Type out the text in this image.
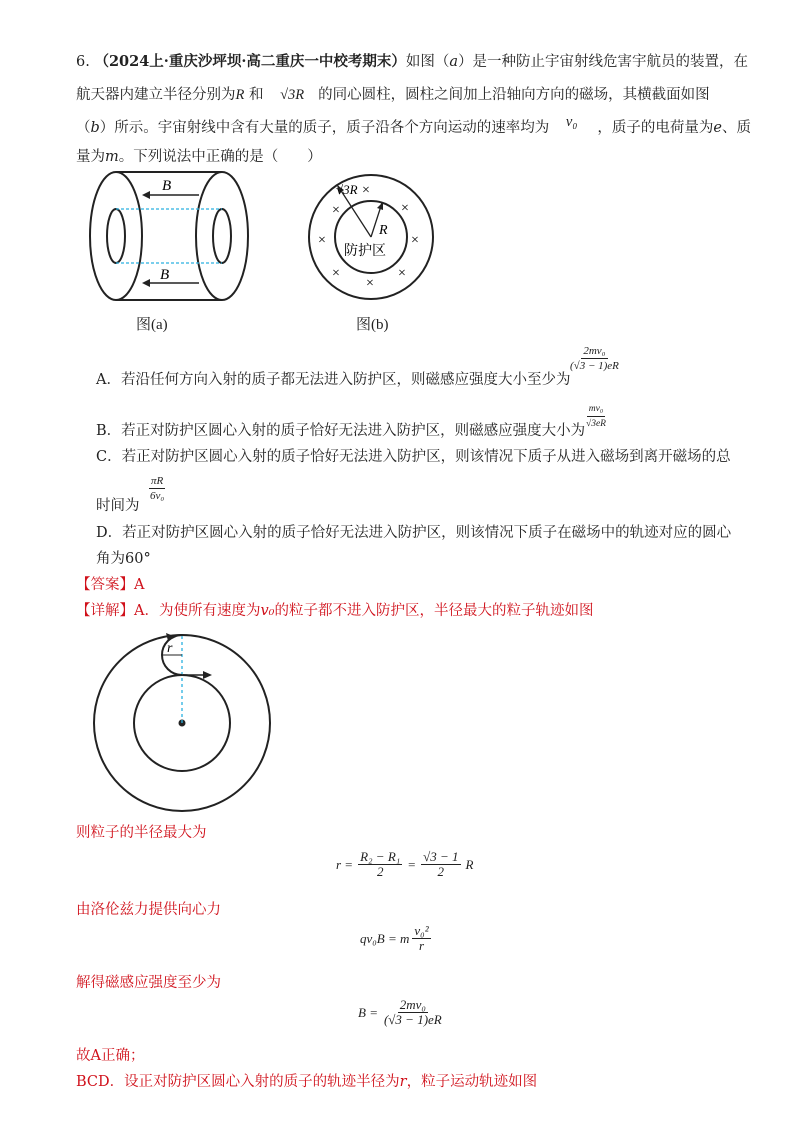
6. （2024上·重庆沙坪坝·高二重庆一中校考期末）如图（a）是一种防止宇宙射线危害宇航员的装置，在
航天器内建立半径分别为R 和 √3R 的同心圆柱，圆柱之间加上沿轴向方向的磁场，其横截面如图
（b）所示。宇宙射线中含有大量的质子，质子沿各个方向运动的速率均为 v₀ ，质子的电荷量为e、质
量为m。下列说法中正确的是（　　）
B
B
图(a)
×
×
×	×
×
×
×
×
√3R
R
防护区
图(b)
A．若沿任何方向入射的质子都无法进入防护区，则磁感应强度大小至少为
$\frac{\text{2mv₀}}{(√3 - 1)eR}$
B．若正对防护区圆心入射的质子恰好无法进入防护区，则磁感应强度大小为
$\frac{\text{mv₀}}{√3eR}$
C．若正对防护区圆心入射的质子恰好无法进入防护区，则该情况下质子从进入磁场到离开磁场的总
时间为
$\frac{\pi R}{\text{6v₀}}$
D．若正对防护区圆心入射的质子恰好无法进入防护区，则该情况下质子在磁场中的轨迹对应的圆心
角为60°
【答案】A
【详解】A．为使所有速度为v₀的粒子都不进入防护区，半径最大的粒子轨迹如图
r
则粒子的半径最大为
$r = \frac{\text{R₂ − R₁}}{2} = \frac{√3 - 1}{2}$ R
由洛伦兹力提供向心力
qv₀B = m $\frac{\text{v₀²}}{r}$
解得磁感应强度至少为
$B = \frac{\text{2mv₀}}{(√3 - 1)eR}$
故A正确；
BCD．设正对防护区圆心入射的质子的轨迹半径为r，粒子运动轨迹如图
